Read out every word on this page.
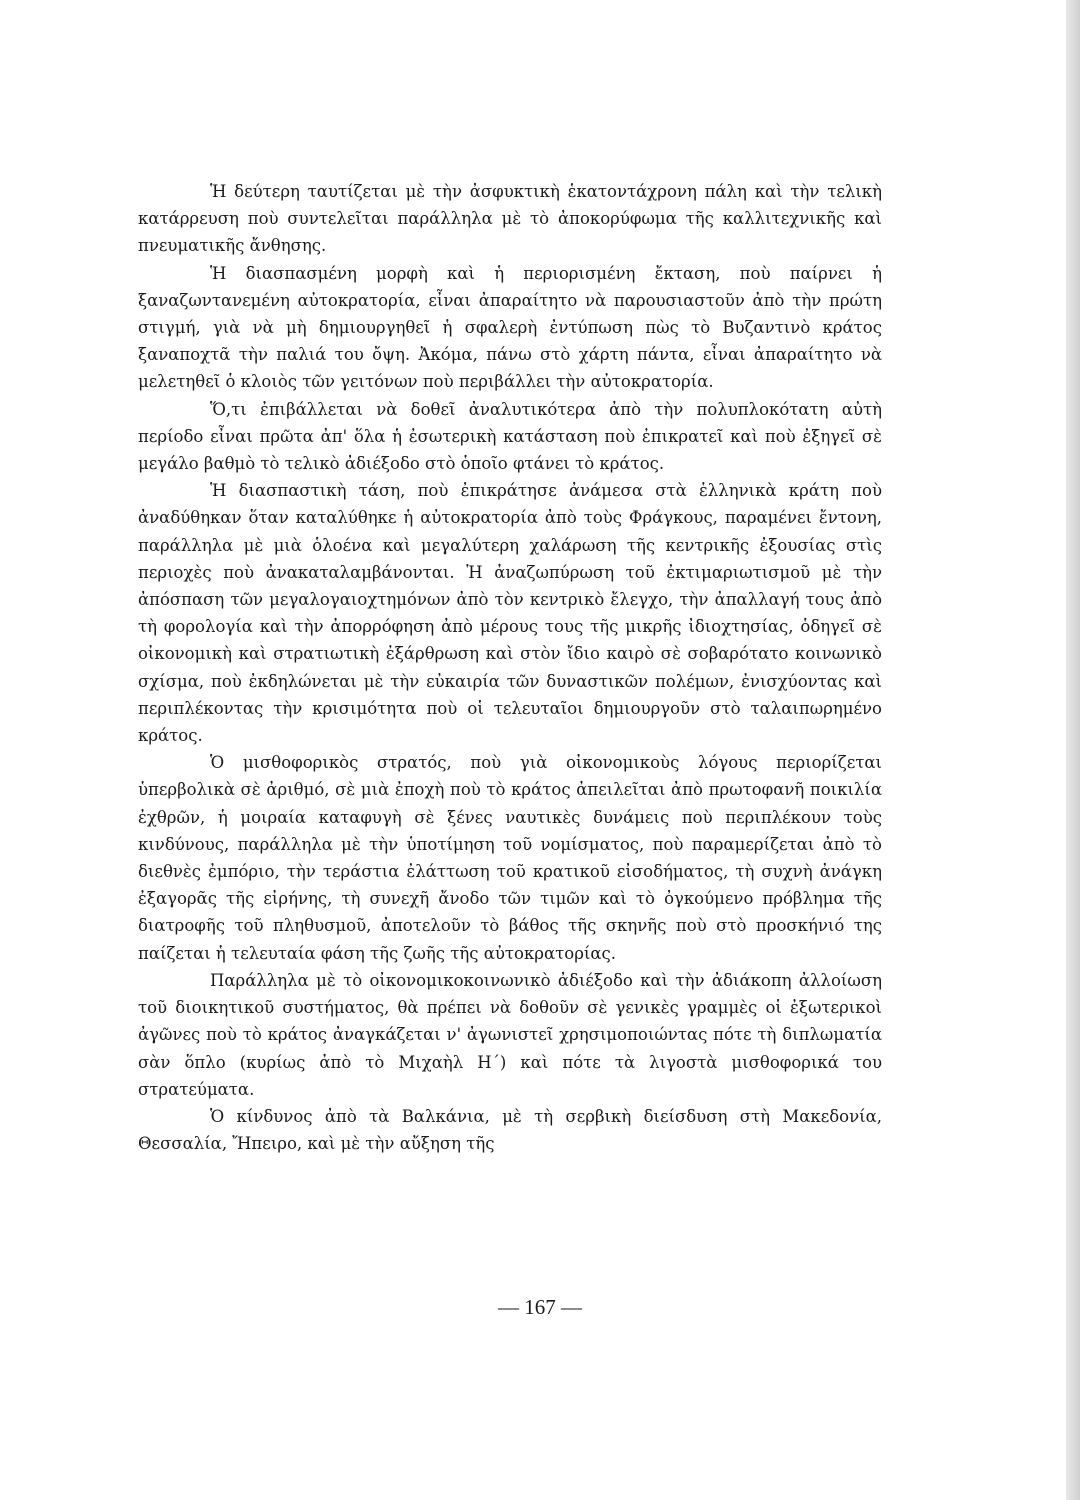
Ἡ δεύτερη ταυτίζεται μὲ τὴν ἀσφυκτικὴ ἑκατοντάχρονη πάλη καὶ τὴν τελικὴ κατάρρευση ποὺ συντελεῖται παράλληλα μὲ τὸ ἀποκορύφωμα τῆς καλλιτεχνικῆς καὶ πνευματικῆς ἄνθησης.

Ἡ διασπασμένη μορφὴ καὶ ἡ περιορισμένη ἔκταση, ποὺ παίρνει ἡ ξαναζωντανεμένη αὐτοκρατορία, εἶναι ἀπαραίτητο νὰ παρουσιαστοῦν ἀπὸ τὴν πρώτη στιγμή, γιὰ νὰ μὴ δημιουργηθεῖ ἡ σφαλερὴ ἐντύπωση πὼς τὸ Βυζαντινὸ κράτος ξαναποχτᾶ τὴν παλιά του ὄψη. Ἀκόμα, πάνω στὸ χάρτη πάντα, εἶναι ἀπαραίτητο νὰ μελετηθεῖ ὁ κλοιὸς τῶν γειτόνων ποὺ περιβάλλει τὴν αὐτοκρατορία.

Ὅ,τι ἐπιβάλλεται νὰ δοθεῖ ἀναλυτικότερα ἀπὸ τὴν πολυπλοκότατη αὐτὴ περίοδο εἶναι πρῶτα ἀπ' ὅλα ἡ ἐσωτερικὴ κατάσταση ποὺ ἐπικρατεῖ καὶ ποὺ ἐξηγεῖ σὲ μεγάλο βαθμὸ τὸ τελικὸ ἀδιέξοδο στὸ ὁποῖο φτάνει τὸ κράτος.

Ἡ διασπαστικὴ τάση, ποὺ ἐπικράτησε ἀνάμεσα στὰ ἑλληνικὰ κράτη ποὺ ἀναδύθηκαν ὅταν καταλύθηκε ἡ αὐτοκρατορία ἀπὸ τοὺς Φράγκους, παραμένει ἔντονη, παράλληλα μὲ μιὰ ὁλοένα καὶ μεγαλύτερη χαλάρωση τῆς κεντρικῆς ἐξουσίας στὶς περιοχὲς ποὺ ἀνακαταλαμβάνονται. Ἡ ἀναζωπύρωση τοῦ ἐκτιμαριωτισμοῦ μὲ τὴν ἀπόσπαση τῶν μεγαλογαιοχτημόνων ἀπὸ τὸν κεντρικὸ ἔλεγχο, τὴν ἀπαλλαγή τους ἀπὸ τὴ φορολογία καὶ τὴν ἀπορρόφηση ἀπὸ μέρους τους τῆς μικρῆς ἰδιοχτησίας, ὁδηγεῖ σὲ οἰκονομικὴ καὶ στρατιωτικὴ ἐξάρθρωση καὶ στὸν ἴδιο καιρὸ σὲ σοβαρότατο κοινωνικὸ σχίσμα, ποὺ ἐκδηλώνεται μὲ τὴν εὐκαιρία τῶν δυναστικῶν πολέμων, ἐνισχύοντας καὶ περιπλέκοντας τὴν κρισιμότητα ποὺ οἱ τελευταῖοι δημιουργοῦν στὸ ταλαιπωρημένο κράτος.

Ὁ μισθοφορικὸς στρατός, ποὺ γιὰ οἰκονομικοὺς λόγους περιορίζεται ὑπερβολικὰ σὲ ἀριθμό, σὲ μιὰ ἐποχὴ ποὺ τὸ κράτος ἀπειλεῖται ἀπὸ πρωτοφανῆ ποικιλία ἐχθρῶν, ἡ μοιραία καταφυγὴ σὲ ξένες ναυτικὲς δυνάμεις ποὺ περιπλέκουν τοὺς κινδύνους, παράλληλα μὲ τὴν ὑποτίμηση τοῦ νομίσματος, ποὺ παραμερίζεται ἀπὸ τὸ διεθνὲς ἐμπόριο, τὴν τεράστια ἐλάττωση τοῦ κρατικοῦ εἰσοδήματος, τὴ συχνὴ ἀνάγκη ἐξαγορᾶς τῆς εἰρήνης, τὴ συνεχῆ ἄνοδο τῶν τιμῶν καὶ τὸ ὀγκούμενο πρόβλημα τῆς διατροφῆς τοῦ πληθυσμοῦ, ἀποτελοῦν τὸ βάθος τῆς σκηνῆς ποὺ στὸ προσκήνιό της παίζεται ἡ τελευταία φάση τῆς ζωῆς τῆς αὐτοκρατορίας.

Παράλληλα μὲ τὸ οἰκονομικοκοινωνικὸ ἀδιέξοδο καὶ τὴν ἀδιάκοπη ἀλλοίωση τοῦ διοικητικοῦ συστήματος, θὰ πρέπει νὰ δοθοῦν σὲ γενικὲς γραμμὲς οἱ ἐξωτερικοὶ ἀγῶνες ποὺ τὸ κράτος ἀναγκάζεται ν' ἀγωνιστεῖ χρησιμοποιώντας πότε τὴ διπλωματία σὰν ὅπλο (κυρίως ἀπὸ τὸ Μιχαὴλ Η΄) καὶ πότε τὰ λιγοστὰ μισθοφορικά του στρατεύματα.

Ὁ κίνδυνος ἀπὸ τὰ Βαλκάνια, μὲ τὴ σερβικὴ διείσδυση στὴ Μακεδονία, Θεσσαλία, Ἤπειρο, καὶ μὲ τὴν αὔξηση τῆς

— 167 —
